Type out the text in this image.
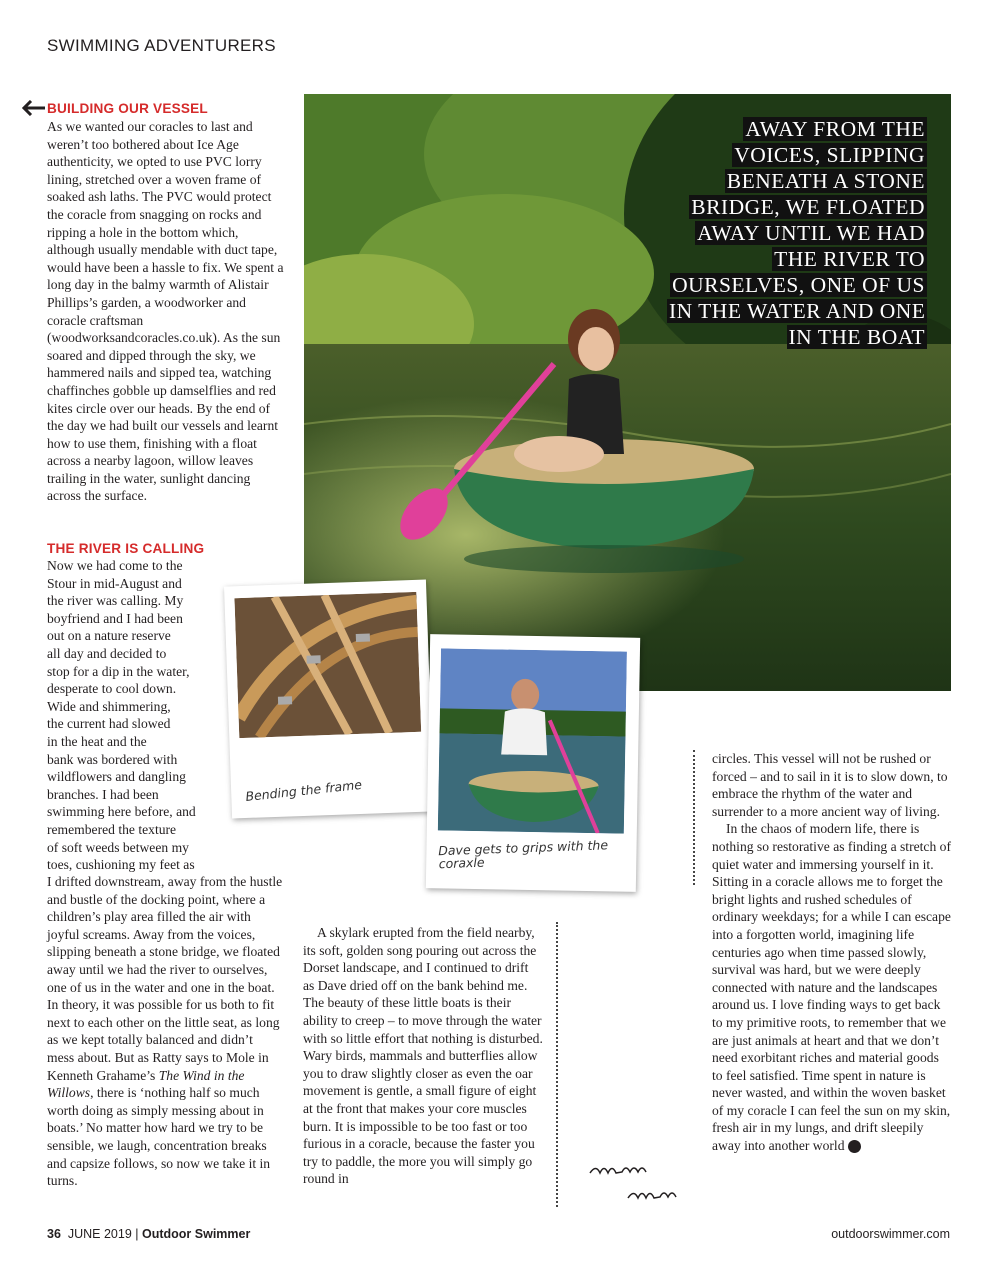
SWIMMING ADVENTURERS
BUILDING OUR VESSEL
As we wanted our coracles to last and weren’t too bothered about Ice Age authenticity, we opted to use PVC lorry lining, stretched over a woven frame of soaked ash laths. The PVC would protect the coracle from snagging on rocks and ripping a hole in the bottom which, although usually mendable with duct tape, would have been a hassle to fix. We spent a long day in the balmy warmth of Alistair Phillips’s garden, a woodworker and coracle craftsman (woodworksandcoracles.co.uk). As the sun soared and dipped through the sky, we hammered nails and sipped tea, watching chaffinches gobble up damselflies and red kites circle over our heads. By the end of the day we had built our vessels and learnt how to use them, finishing with a float across a nearby lagoon, willow leaves trailing in the water, sunlight dancing across the surface.
THE RIVER IS CALLING
Now we had come to the
Stour in mid-August and
the river was calling. My
boyfriend and I had been
out on a nature reserve
all day and decided to
stop for a dip in the water,
desperate to cool down.
Wide and shimmering,
the current had slowed
in the heat and the
bank was bordered with
wildflowers and dangling
branches. I had been
swimming here before, and
remembered the texture
of soft weeds between my
toes, cushioning my feet as
I drifted downstream, away from the hustle and bustle of the docking point, where a children’s play area filled the air with joyful screams. Away from the voices, slipping beneath a stone bridge, we floated away until we had the river to ourselves, one of us in the water and one in the boat. In theory, it was possible for us both to fit next to each other on the little seat, as long as we kept totally balanced and didn’t mess about. But as Ratty says to Mole in Kenneth Grahame’s The Wind in the Willows, there is ‘nothing half so much worth doing as simply messing about in boats.’ No matter how hard we try to be sensible, we laugh, concentration breaks and capsize follows, so now we take it in turns.
AWAY FROM THE VOICES, SLIPPING BENEATH A STONE BRIDGE, WE FLOATED AWAY UNTIL WE HAD THE RIVER TO OURSELVES, ONE OF US IN THE WATER AND ONE IN THE BOAT
Bending the frame
Dave gets to grips with the coraxle

A skylark erupted from the field nearby, its soft, golden song pouring out across the Dorset landscape, and I continued to drift as Dave dried off on the bank behind me. The beauty of these little boats is their ability to creep – to move through the water with so little effort that nothing is disturbed. Wary birds, mammals and butterflies allow you to draw slightly closer as even the oar movement is gentle, a small figure of eight at the front that makes your core muscles burn. It is impossible to be too fast or too furious in a coracle, because the faster you try to paddle, the more you will simply go round in

circles. This vessel will not be rushed or forced – and to sail in it is to slow down, to embrace the rhythm of the water and surrender to a more ancient way of living.

In the chaos of modern life, there is nothing so restorative as finding a stretch of quiet water and immersing yourself in it. Sitting in a coracle allows me to forget the bright lights and rushed schedules of ordinary weekdays; for a while I can escape into a forgotten world, imagining life centuries ago when time passed slowly, survival was hard, but we were deeply connected with nature and the landscapes around us. I love finding ways to get back to my primitive roots, to remember that we are just animals at heart and that we don’t need exorbitant riches and material goods to feel satisfied. Time spent in nature is never wasted, and within the woven basket of my coracle I can feel the sun on my skin, fresh air in my lungs, and drift sleepily away into another world OS

36 JUNE 2019 | Outdoor Swimmer	outdoorswimmer.com
